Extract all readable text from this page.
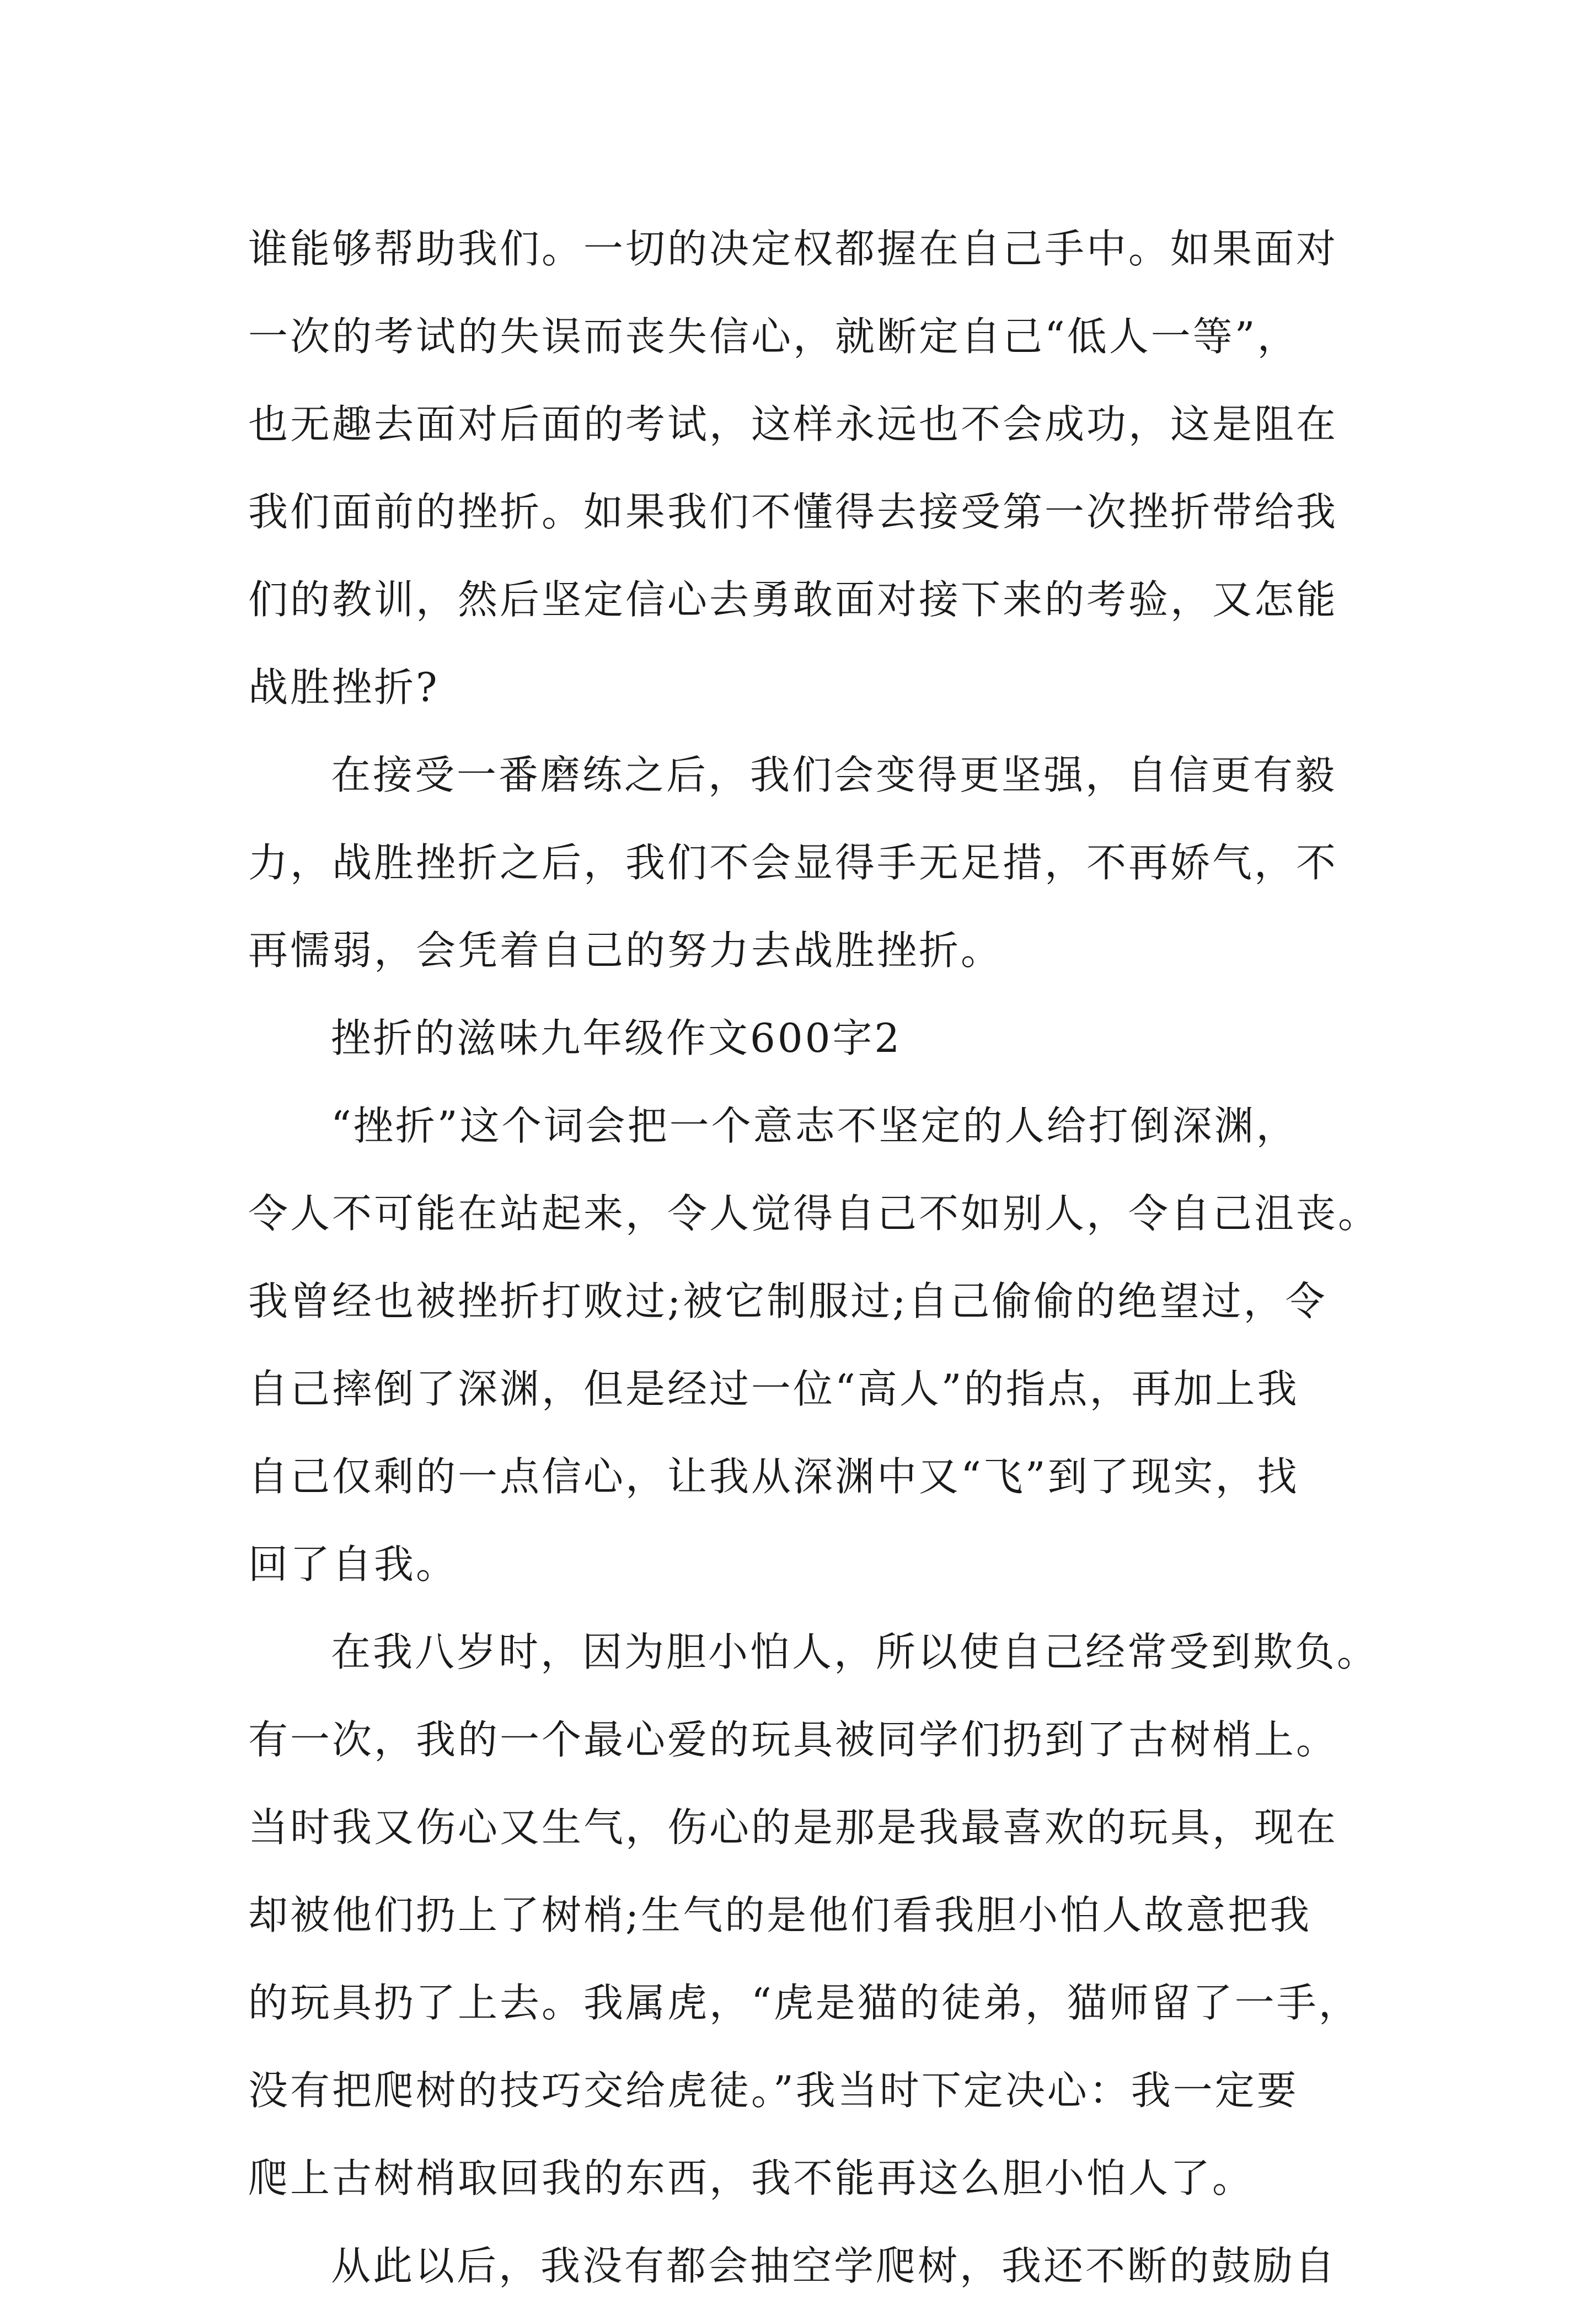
谁能够帮助我们。一切的决定权都握在自己手中。如果面对
一次的考试的失误而丧失信心，就断定自己“低人一等”，
也无趣去面对后面的考试，这样永远也不会成功，这是阻在
我们面前的挫折。如果我们不懂得去接受第一次挫折带给我
们的教训，然后坚定信心去勇敢面对接下来的考验，又怎能
战胜挫折?
在接受一番磨练之后，我们会变得更坚强，自信更有毅
力，战胜挫折之后，我们不会显得手无足措，不再娇气，不
再懦弱，会凭着自己的努力去战胜挫折。
挫折的滋味九年级作文600字2
“挫折”这个词会把一个意志不坚定的人给打倒深渊，
令人不可能在站起来，令人觉得自己不如别人，令自己沮丧。
我曾经也被挫折打败过;被它制服过;自己偷偷的绝望过，令
自己摔倒了深渊，但是经过一位“高人”的指点，再加上我
自己仅剩的一点信心，让我从深渊中又“飞”到了现实，找
回了自我。
在我八岁时，因为胆小怕人，所以使自己经常受到欺负。
有一次，我的一个最心爱的玩具被同学们扔到了古树梢上。
当时我又伤心又生气，伤心的是那是我最喜欢的玩具，现在
却被他们扔上了树梢;生气的是他们看我胆小怕人故意把我
的玩具扔了上去。我属虎，“虎是猫的徒弟，猫师留了一手，
没有把爬树的技巧交给虎徒。”我当时下定决心：我一定要
爬上古树梢取回我的东西，我不能再这么胆小怕人了。
从此以后，我没有都会抽空学爬树，我还不断的鼓励自
